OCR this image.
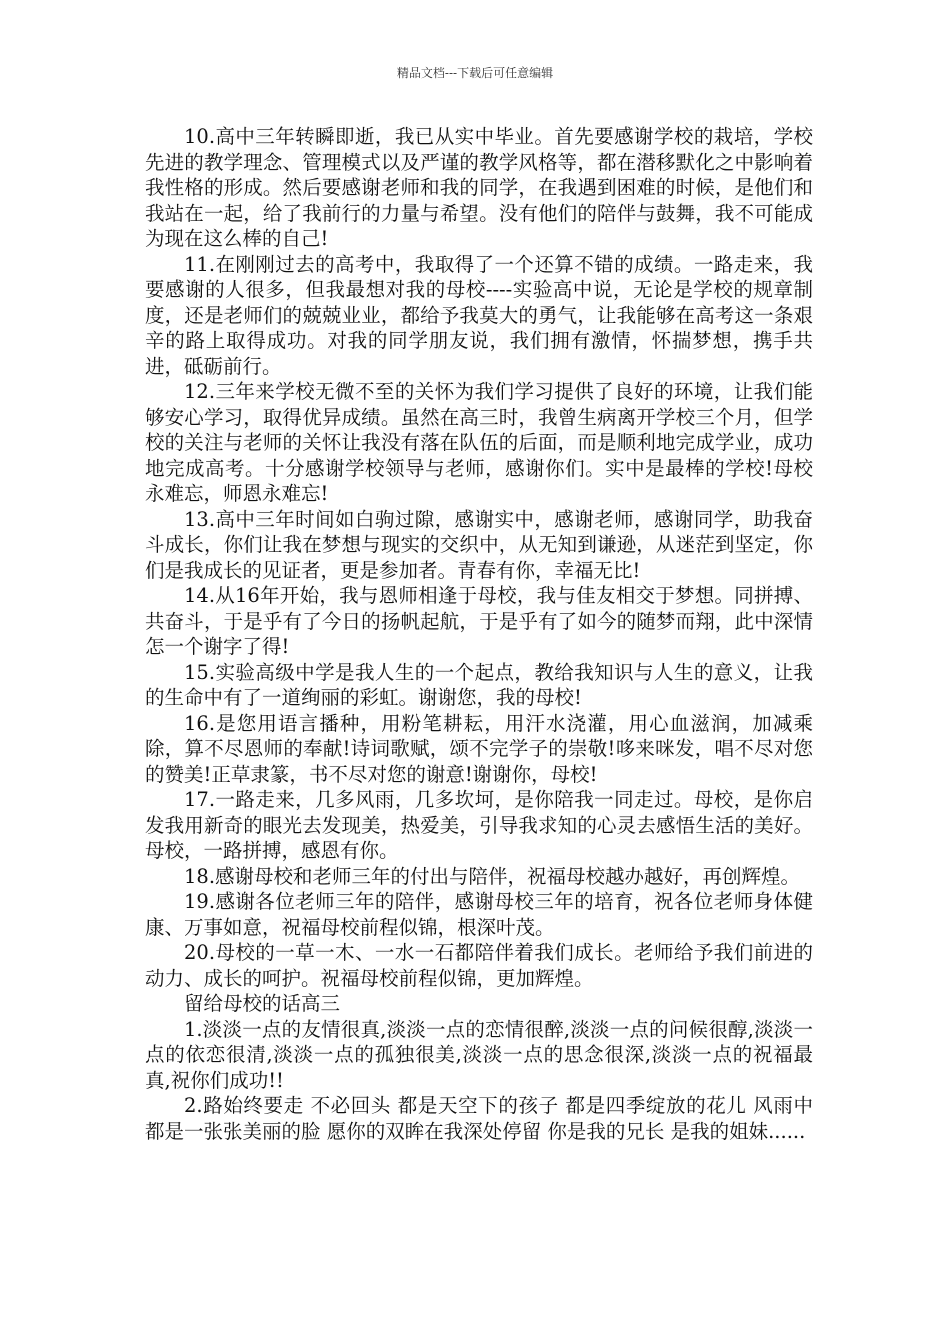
精品文档---下载后可任意编辑

10.高中三年转瞬即逝，我已从实中毕业。首先要感谢学校的栽培，学校先进的教学理念、管理模式以及严谨的教学风格等，都在潜移默化之中影响着我性格的形成。然后要感谢老师和我的同学，在我遇到困难的时候，是他们和我站在一起，给了我前行的力量与希望。没有他们的陪伴与鼓舞，我不可能成为现在这么棒的自己!

11.在刚刚过去的高考中，我取得了一个还算不错的成绩。一路走来，我要感谢的人很多，但我最想对我的母校----实验高中说，无论是学校的规章制度，还是老师们的兢兢业业，都给予我莫大的勇气，让我能够在高考这一条艰辛的路上取得成功。对我的同学朋友说，我们拥有激情，怀揣梦想，携手共进，砥砺前行。

12.三年来学校无微不至的关怀为我们学习提供了良好的环境，让我们能够安心学习，取得优异成绩。虽然在高三时，我曾生病离开学校三个月，但学校的关注与老师的关怀让我没有落在队伍的后面，而是顺利地完成学业，成功地完成高考。十分感谢学校领导与老师，感谢你们。实中是最棒的学校!母校永难忘，师恩永难忘!

13.高中三年时间如白驹过隙，感谢实中，感谢老师，感谢同学，助我奋斗成长，你们让我在梦想与现实的交织中，从无知到谦逊，从迷茫到坚定，你们是我成长的见证者，更是参加者。青春有你，幸福无比!

14.从16年开始，我与恩师相逢于母校，我与佳友相交于梦想。同拼搏、共奋斗，于是乎有了今日的扬帆起航，于是乎有了如今的随梦而翔，此中深情怎一个谢字了得!

15.实验高级中学是我人生的一个起点，教给我知识与人生的意义，让我的生命中有了一道绚丽的彩虹。谢谢您，我的母校!

16.是您用语言播种，用粉笔耕耘，用汗水浇灌，用心血滋润，加减乘除，算不尽恩师的奉献!诗词歌赋，颂不完学子的崇敬!哆来咪发，唱不尽对您的赞美!正草隶篆，书不尽对您的谢意!谢谢你，母校!

17.一路走来，几多风雨，几多坎坷，是你陪我一同走过。母校，是你启发我用新奇的眼光去发现美，热爱美，引导我求知的心灵去感悟生活的美好。母校，一路拼搏，感恩有你。

18.感谢母校和老师三年的付出与陪伴，祝福母校越办越好，再创辉煌。

19.感谢各位老师三年的陪伴，感谢母校三年的培育，祝各位老师身体健康、万事如意，祝福母校前程似锦，根深叶茂。

20.母校的一草一木、一水一石都陪伴着我们成长。老师给予我们前进的动力、成长的呵护。祝福母校前程似锦，更加辉煌。

留给母校的话高三

1.淡淡一点的友情很真,淡淡一点的恋情很醉,淡淡一点的问候很醇,淡淡一点的依恋很清,淡淡一点的孤独很美,淡淡一点的思念很深,淡淡一点的祝福最真,祝你们成功!!

2.路始终要走 不必回头 都是天空下的孩子 都是四季绽放的花儿 风雨中 都是一张张美丽的脸 愿你的双眸在我深处停留 你是我的兄长 是我的姐妹......
